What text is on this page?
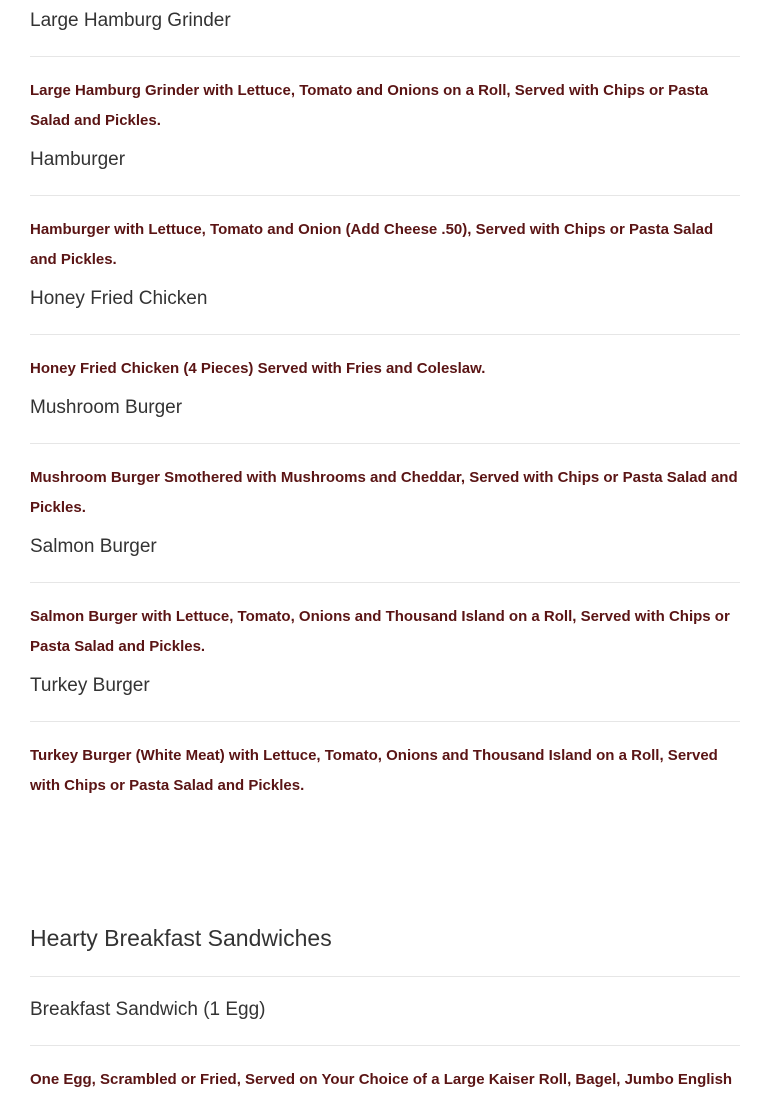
Large Hamburg Grinder
Large Hamburg Grinder with Lettuce, Tomato and Onions on a Roll, Served with Chips or Pasta Salad and Pickles.
Hamburger
Hamburger with Lettuce, Tomato and Onion (Add Cheese .50), Served with Chips or Pasta Salad and Pickles.
Honey Fried Chicken
Honey Fried Chicken (4 Pieces) Served with Fries and Coleslaw.
Mushroom Burger
Mushroom Burger Smothered with Mushrooms and Cheddar, Served with Chips or Pasta Salad and Pickles.
Salmon Burger
Salmon Burger with Lettuce, Tomato, Onions and Thousand Island on a Roll, Served with Chips or Pasta Salad and Pickles.
Turkey Burger
Turkey Burger (White Meat) with Lettuce, Tomato, Onions and Thousand Island on a Roll, Served with Chips or Pasta Salad and Pickles.
Hearty Breakfast Sandwiches
Breakfast Sandwich (1 Egg)
One Egg, Scrambled or Fried, Served on Your Choice of a Large Kaiser Roll, Bagel, Jumbo English
